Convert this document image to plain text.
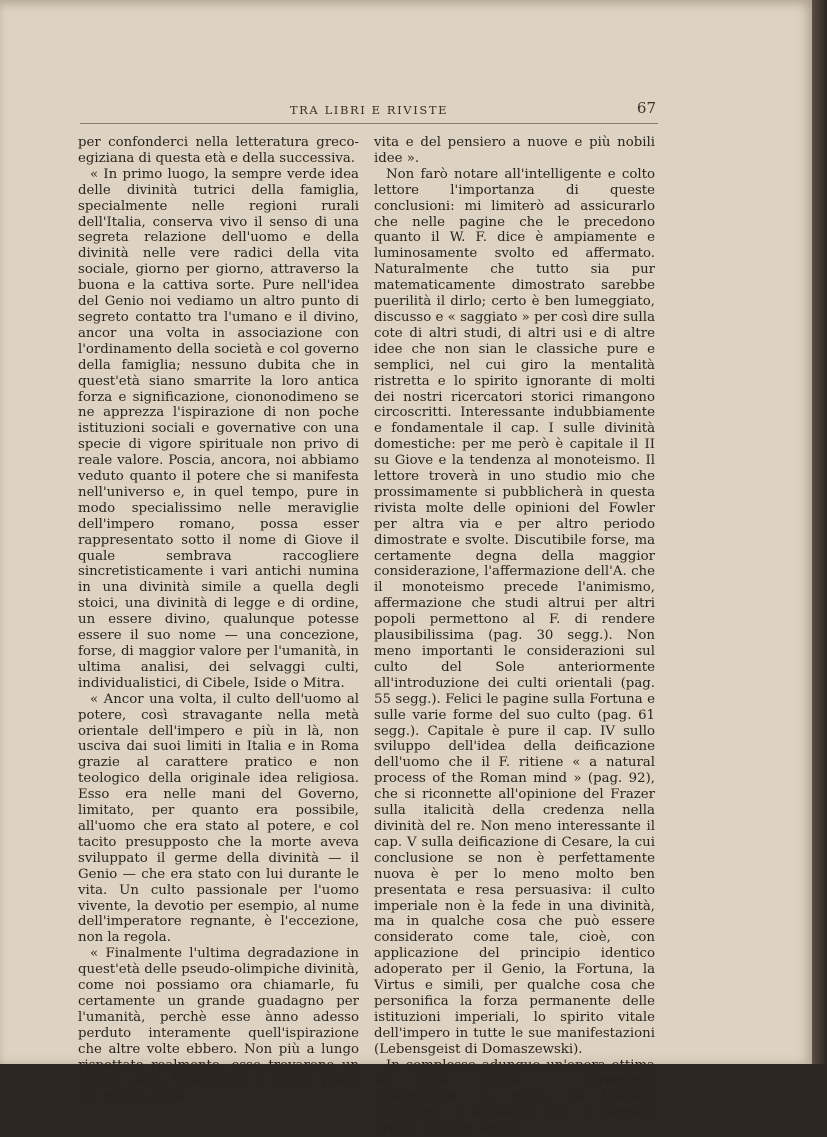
TRA LIBRI E RIVISTE	67

per confonderci nella letteratura greco-egiziana di questa età e della successiva.

« In primo luogo, la sempre verde idea delle divinità tutrici della famiglia, specialmente nelle regioni rurali dell'Italia, conserva vivo il senso di una segreta relazione dell'uomo e della divinità nelle vere radici della vita sociale, giorno per giorno, attraverso la buona e la cattiva sorte. Pure nell'idea del Genio noi vediamo un altro punto di segreto contatto tra l'umano e il divino, ancor una volta in associazione con l'ordinamento della società e col governo della famiglia; nessuno dubita che in quest'età siano smarrite la loro antica forza e significazione, ciononodimeno se ne apprezza l'ispirazione di non poche istituzioni sociali e governative con una specie di vigore spirituale non privo di reale valore. Poscia, ancora, noi abbiamo veduto quanto il potere che si manifesta nell'universo e, in quel tempo, pure in modo specialissimo nelle meraviglie dell'impero romano, possa esser rappresentato sotto il nome di Giove il quale sembrava raccogliere sincretisticamente i vari antichi numina in una divinità simile a quella degli stoici, una divinità di legge e di ordine, un essere divino, qualunque potesse essere il suo nome — una concezione, forse, di maggior valore per l'umanità, in ultima analisi, dei selvaggi culti, individualistici, di Cibele, Iside o Mitra.

« Ancor una volta, il culto dell'uomo al potere, così stravagante nella metà orientale dell'impero e più in là, non usciva dai suoi limiti in Italia e in Roma grazie al carattere pratico e non teologico della originale idea religiosa. Esso era nelle mani del Governo, limitato, per quanto era possibile, all'uomo che era stato al potere, e col tacito presupposto che la morte aveva sviluppato il germe della divinità — il Genio — che era stato con lui durante le vita. Un culto passionale per l'uomo vivente, la devotio per esempio, al nume dell'imperatore regnante, è l'eccezione, non la regola.

« Finalmente l'ultima degradazione in quest'età delle pseudo-olimpiche divinità, come noi possiamo ora chiamarle, fu certamente un grande guadagno per l'umanità, perchè esse ànno adesso perduto interamente quell'ispirazione che altre volte ebbero. Non più a lungo rispettate realmente, esse trovarono un rifugio nella letteratura e fecero posto nel mondo della

vita e del pensiero a nuove e più nobili idee ».

Non farò notare all'intelligente e colto lettore l'importanza di queste conclusioni: mi limiterò ad assicurarlo che nelle pagine che le precedono quanto il W. F. dice è ampiamente e luminosamente svolto ed affermato. Naturalmente che tutto sia pur matematicamente dimostrato sarebbe puerilità il dirlo; certo è ben lumeggiato, discusso e « saggiato » per così dire sulla cote di altri studi, di altri usi e di altre idee che non sian le classiche pure e semplici, nel cui giro la mentalità ristretta e lo spirito ignorante di molti dei nostri ricercatori storici rimangono circoscritti. Interessante indubbiamente e fondamentale il cap. I sulle divinità domestiche: per me però è capitale il II su Giove e la tendenza al monoteismo. Il lettore troverà in uno studio mio che prossimamente si pubblicherà in questa rivista molte delle opinioni del Fowler per altra via e per altro periodo dimostrate e svolte. Discutibile forse, ma certamente degna della maggior considerazione, l'affermazione dell'A. che il monoteismo precede l'animismo, affermazione che studi altrui per altri popoli permettono al F. di rendere plausibilissima (pag. 30 segg.). Non meno importanti le considerazioni sul culto del Sole anteriormente all'introduzione dei culti orientali (pag. 55 segg.). Felici le pagine sulla Fortuna e sulle varie forme del suo culto (pag. 61 segg.). Capitale è pure il cap. IV sullo sviluppo dell'idea della deificazione dell'uomo che il F. ritiene « a natural process of the Roman mind » (pag. 92), che si riconnette all'opinione del Frazer sulla italicità della credenza nella divinità del re. Non meno interessante il cap. V sulla deificazione di Cesare, la cui conclusione se non è perfettamente nuova è per lo meno molto ben presentata e resa persuasiva: il culto imperiale non è la fede in una divinità, ma in qualche cosa che può essere considerato come tale, cioè, con applicazione del principio identico adoperato per il Genio, la Fortuna, la Virtus e simili, per qualche cosa che personifica la forza permanente delle istituzioni imperiali, lo spirito vitale dell'impero in tutte le sue manifestazioni (Lebensgeist di Domaszewski).

In complesso adunque un'opera ottima ed utile, chiara e veramente ricostruttiva, in modo da lasciare nell'animo il desiderio vivo di leggere presto un'altra simile.
